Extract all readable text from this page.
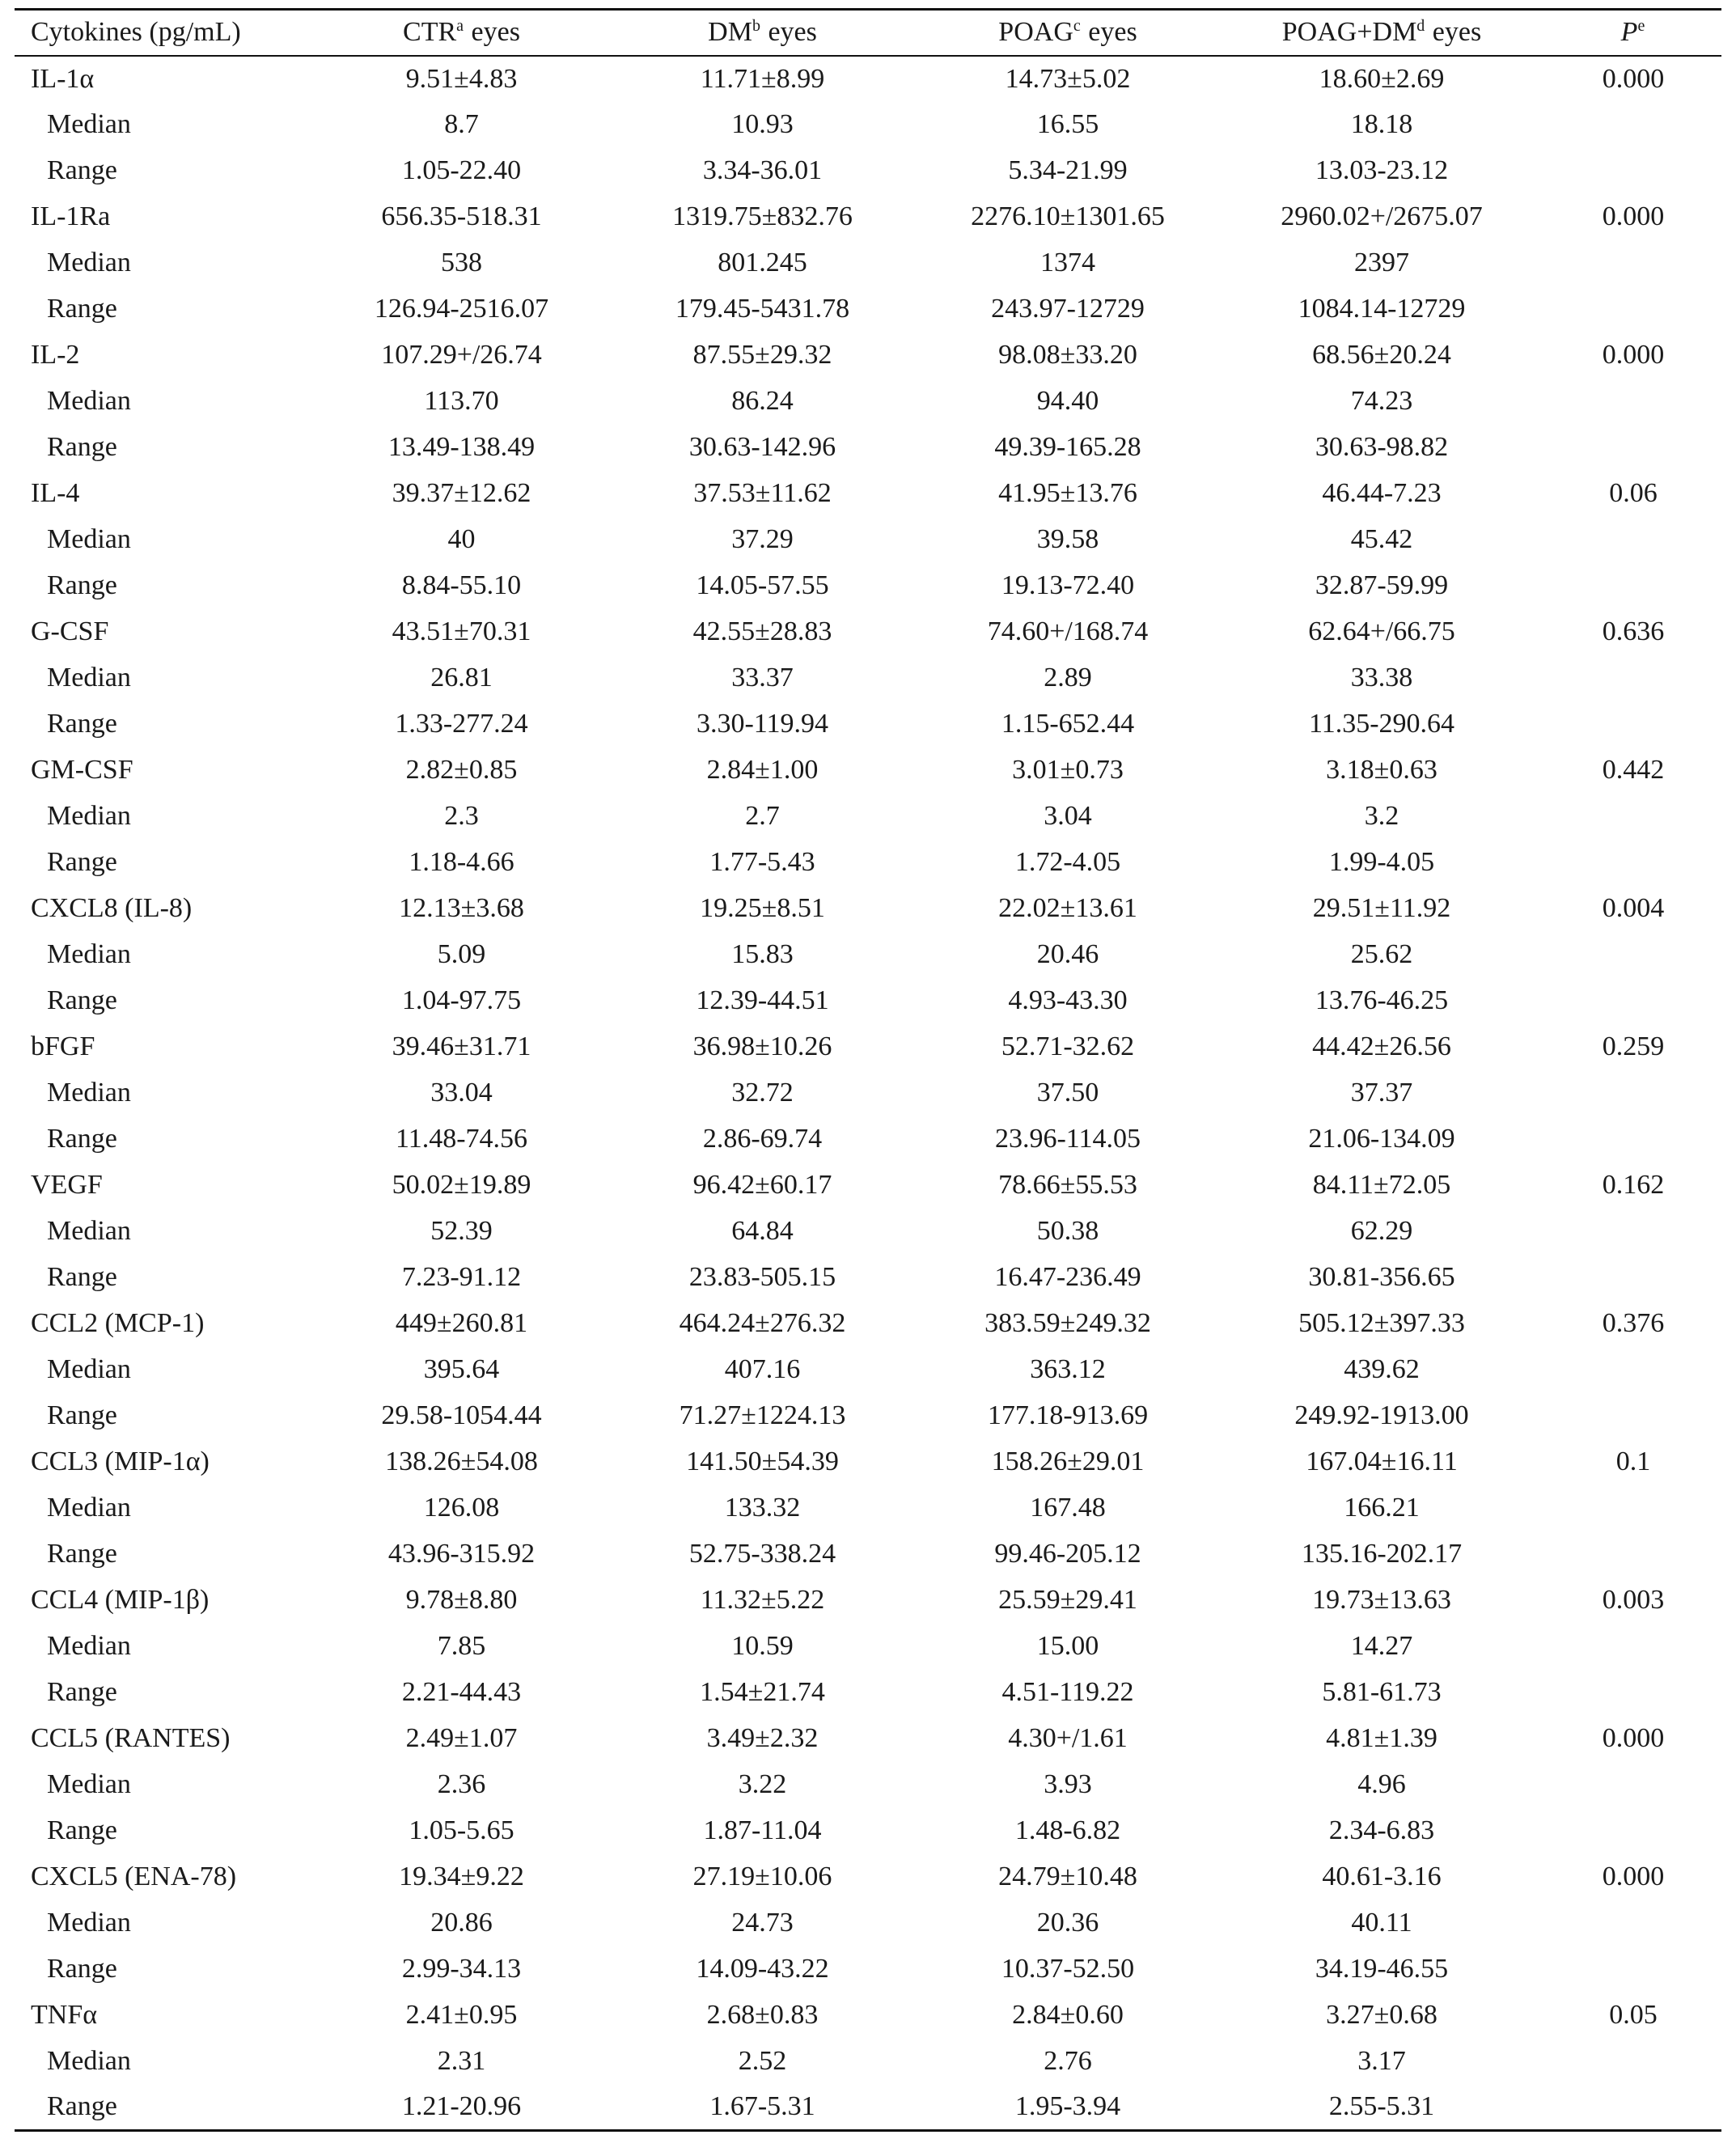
Cytokines (pg/mL)	CTR$^a$ eyes	$DM^b$ eyes	POAG$^c$ eyes	$POAG+DM^d$ eyes	$P^e$
IL-1α	9.51±4.83	11.71±8.99	14.73±5.02	18.60±2.69	0.000
Median	8.7	10.93	16.55	18.18	
Range	1.05-22.40	3.34-36.01	5.34-21.99	13.03-23.12	
IL-1Ra	656.35-518.31	1319.75±832.76	2276.10±1301.65	2960.02+/2675.07	0.000
Median	538	801.245	1374	2397	
Range	126.94-2516.07	179.45-5431.78	243.97-12729	1084.14-12729	
IL-2	107.29+/26.74	87.55±29.32	98.08±33.20	68.56±20.24	0.000
Median	113.70	86.24	94.40	74.23	
Range	13.49-138.49	30.63-142.96	49.39-165.28	30.63-98.82	
IL-4	39.37±12.62	37.53±11.62	41.95±13.76	46.44-7.23	0.06
Median	40	37.29	39.58	45.42	
Range	8.84-55.10	14.05-57.55	19.13-72.40	32.87-59.99	
G-CSF	43.51±70.31	42.55±28.83	74.60+/168.74	62.64+/66.75	0.636
Median	26.81	33.37	2.89	33.38	
Range	1.33-277.24	3.30-119.94	1.15-652.44	11.35-290.64	
GM-CSF	2.82±0.85	2.84±1.00	3.01±0.73	3.18±0.63	0.442
Median	2.3	2.7	3.04	3.2	
Range	1.18-4.66	1.77-5.43	1.72-4.05	1.99-4.05	
CXCL8 (IL-8)	12.13±3.68	19.25±8.51	22.02±13.61	29.51±11.92	0.004
Median	5.09	15.83	20.46	25.62	
Range	1.04-97.75	12.39-44.51	4.93-43.30	13.76-46.25	
bFGF	39.46±31.71	36.98±10.26	52.71-32.62	44.42±26.56	0.259
Median	33.04	32.72	37.50	37.37	
Range	11.48-74.56	2.86-69.74	23.96-114.05	21.06-134.09	
VEGF	50.02±19.89	96.42±60.17	78.66±55.53	84.11±72.05	0.162
Median	52.39	64.84	50.38	62.29	
Range	7.23-91.12	23.83-505.15	16.47-236.49	30.81-356.65	
CCL2 (MCP-1)	449±260.81	464.24±276.32	383.59±249.32	505.12±397.33	0.376
Median	395.64	407.16	363.12	439.62	
Range	29.58-1054.44	71.27±1224.13	177.18-913.69	249.92-1913.00	
CCL3 (MIP-1α)	138.26±54.08	141.50±54.39	158.26±29.01	167.04±16.11	0.1
Median	126.08	133.32	167.48	166.21	
Range	43.96-315.92	52.75-338.24	99.46-205.12	135.16-202.17	
CCL4 (MIP-1β)	9.78±8.80	11.32±5.22	25.59±29.41	19.73±13.63	0.003
Median	7.85	10.59	15.00	14.27	
Range	2.21-44.43	1.54±21.74	4.51-119.22	5.81-61.73	
CCL5 (RANTES)	2.49±1.07	3.49±2.32	4.30+/1.61	4.81±1.39	0.000
Median	2.36	3.22	3.93	4.96	
Range	1.05-5.65	1.87-11.04	1.48-6.82	2.34-6.83	
CXCL5 (ENA-78)	19.34±9.22	27.19±10.06	24.79±10.48	40.61-3.16	0.000
Median	20.86	24.73	20.36	40.11	
Range	2.99-34.13	14.09-43.22	10.37-52.50	34.19-46.55	
TNFα	2.41±0.95	2.68±0.83	2.84±0.60	3.27±0.68	0.05
Median	2.31	2.52	2.76	3.17	
Range	1.21-20.96	1.67-5.31	1.95-3.94	2.55-5.31	
